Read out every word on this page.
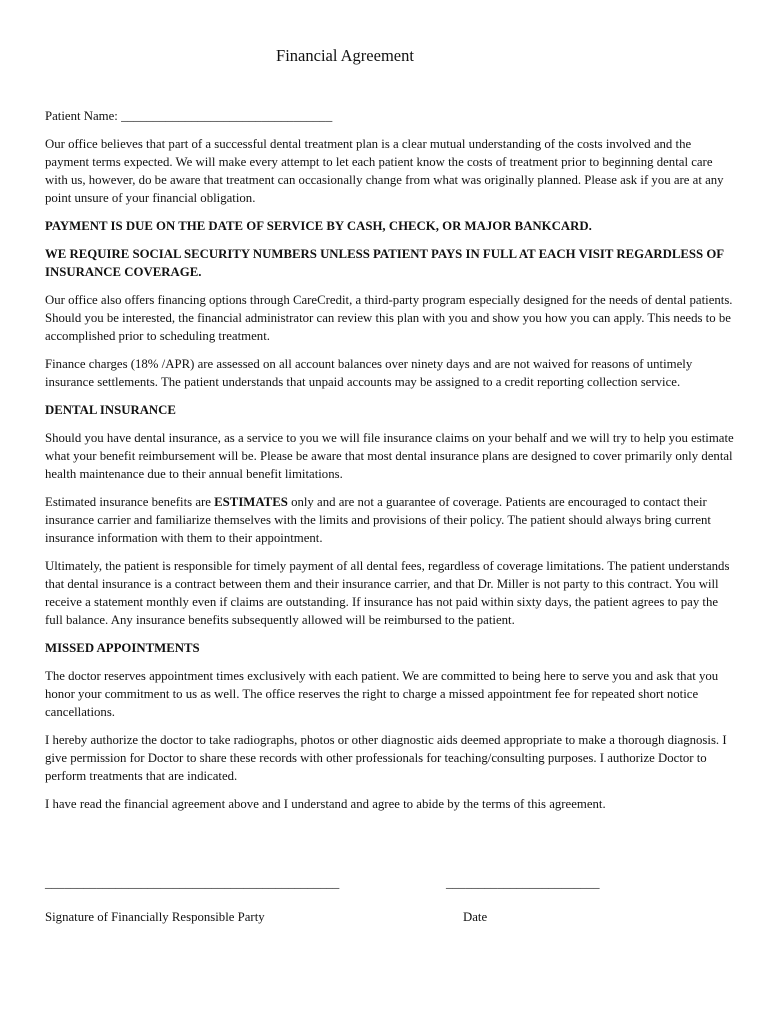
Financial Agreement

Patient Name: _________________________________

Our office believes that part of a successful dental treatment plan is a clear mutual understanding of the costs involved and the payment terms expected. We will make every attempt to let each patient know the costs of treatment prior to beginning dental care with us, however, do be aware that treatment can occasionally change from what was originally planned. Please ask if you are at any point unsure of your financial obligation.

PAYMENT IS DUE ON THE DATE OF SERVICE BY CASH, CHECK, OR MAJOR BANKCARD.

WE REQUIRE SOCIAL SECURITY NUMBERS UNLESS PATIENT PAYS IN FULL AT EACH VISIT REGARDLESS OF INSURANCE COVERAGE.

Our office also offers financing options through CareCredit, a third-party program especially designed for the needs of dental patients. Should you be interested, the financial administrator can review this plan with you and show you how you can apply. This needs to be accomplished prior to scheduling treatment.

Finance charges (18% /APR) are assessed on all account balances over ninety days and are not waived for reasons of untimely insurance settlements. The patient understands that unpaid accounts may be assigned to a credit reporting collection service.

DENTAL INSURANCE

Should you have dental insurance, as a service to you we will file insurance claims on your behalf and we will try to help you estimate what your benefit reimbursement will be. Please be aware that most dental insurance plans are designed to cover primarily only dental health maintenance due to their annual benefit limitations.

Estimated insurance benefits are ESTIMATES only and are not a guarantee of coverage. Patients are encouraged to contact their insurance carrier and familiarize themselves with the limits and provisions of their policy. The patient should always bring current insurance information with them to their appointment.

Ultimately, the patient is responsible for timely payment of all dental fees, regardless of coverage limitations. The patient understands that dental insurance is a contract between them and their insurance carrier, and that Dr. Miller is not party to this contract. You will receive a statement monthly even if claims are outstanding. If insurance has not paid within sixty days, the patient agrees to pay the full balance. Any insurance benefits subsequently allowed will be reimbursed to the patient.

MISSED APPOINTMENTS

The doctor reserves appointment times exclusively with each patient. We are committed to being here to serve you and ask that you honor your commitment to us as well. The office reserves the right to charge a missed appointment fee for repeated short notice cancellations.

I hereby authorize the doctor to take radiographs, photos or other diagnostic aids deemed appropriate to make a thorough diagnosis. I give permission for Doctor to share these records with other professionals for teaching/consulting purposes. I authorize Doctor to perform treatments that are indicated.

I have read the financial agreement above and I understand and agree to abide by the terms of this agreement.

______________________________________________	________________________
Signature of Financially Responsible Party	Date
